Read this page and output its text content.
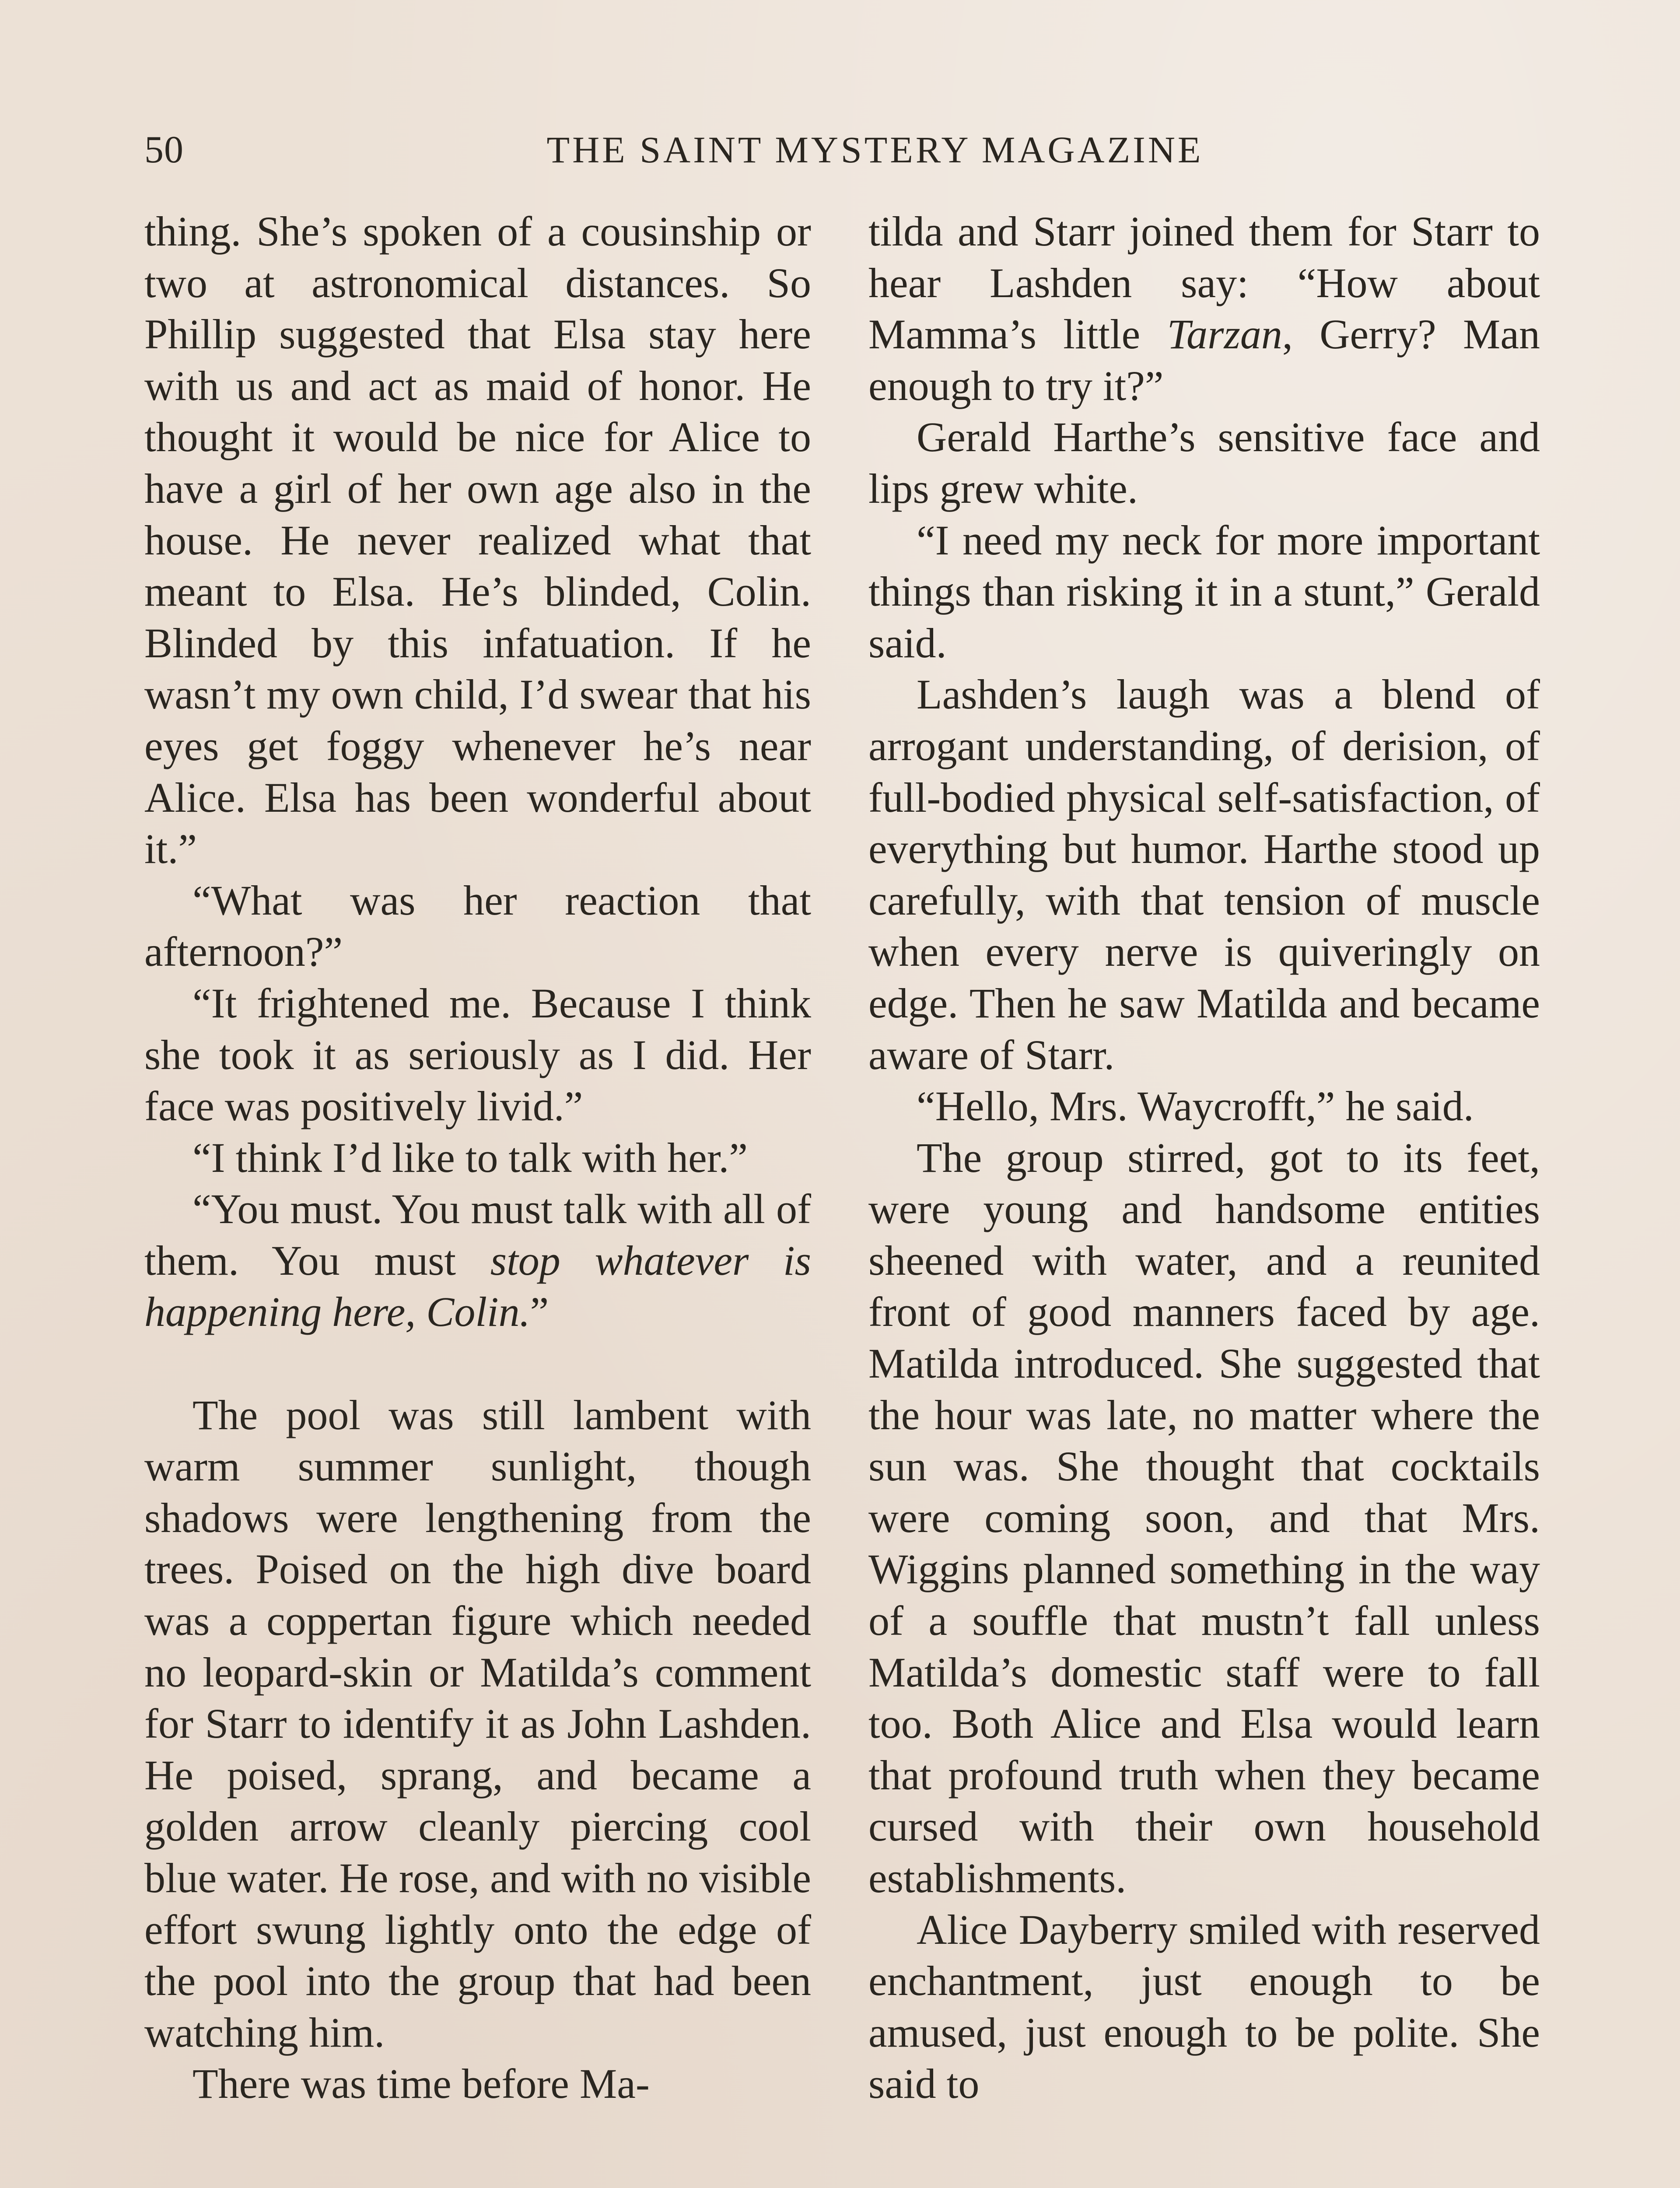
50	THE SAINT MYSTERY MAGAZINE

thing. She’s spoken of a cousinship or two at astronomical distances. So Phillip suggested that Elsa stay here with us and act as maid of honor. He thought it would be nice for Alice to have a girl of her own age also in the house. He never realized what that meant to Elsa. He’s blinded, Colin. Blinded by this infatuation. If he wasn’t my own child, I’d swear that his eyes get foggy whenever he’s near Alice. Elsa has been wonderful about it.”

“What was her reaction that afternoon?”

“It frightened me. Because I think she took it as seriously as I did. Her face was positively livid.”

“I think I’d like to talk with her.”

“You must. You must talk with all of them. You must stop whatever is happening here, Colin.”

The pool was still lambent with warm summer sunlight, though shadows were lengthening from the trees. Poised on the high dive board was a coppertan figure which needed no leopard-skin or Matilda’s comment for Starr to identify it as John Lashden. He poised, sprang, and became a golden arrow cleanly piercing cool blue water. He rose, and with no visible effort swung lightly onto the edge of the pool into the group that had been watching him.

There was time before Ma-

tilda and Starr joined them for Starr to hear Lashden say: “How about Mamma’s little Tarzan, Gerry? Man enough to try it?”

Gerald Harthe’s sensitive face and lips grew white.

“I need my neck for more important things than risking it in a stunt,” Gerald said.

Lashden’s laugh was a blend of arrogant understanding, of derision, of full-bodied physical self-satisfaction, of everything but humor. Harthe stood up carefully, with that tension of muscle when every nerve is quiveringly on edge. Then he saw Matilda and became aware of Starr.

“Hello, Mrs. Waycrofft,” he said.

The group stirred, got to its feet, were young and handsome entities sheened with water, and a reunited front of good manners faced by age. Matilda introduced. She suggested that the hour was late, no matter where the sun was. She thought that cocktails were coming soon, and that Mrs. Wiggins planned something in the way of a souffle that mustn’t fall unless Matilda’s domestic staff were to fall too. Both Alice and Elsa would learn that profound truth when they became cursed with their own household establishments.

Alice Dayberry smiled with reserved enchantment, just enough to be amused, just enough to be polite. She said to
